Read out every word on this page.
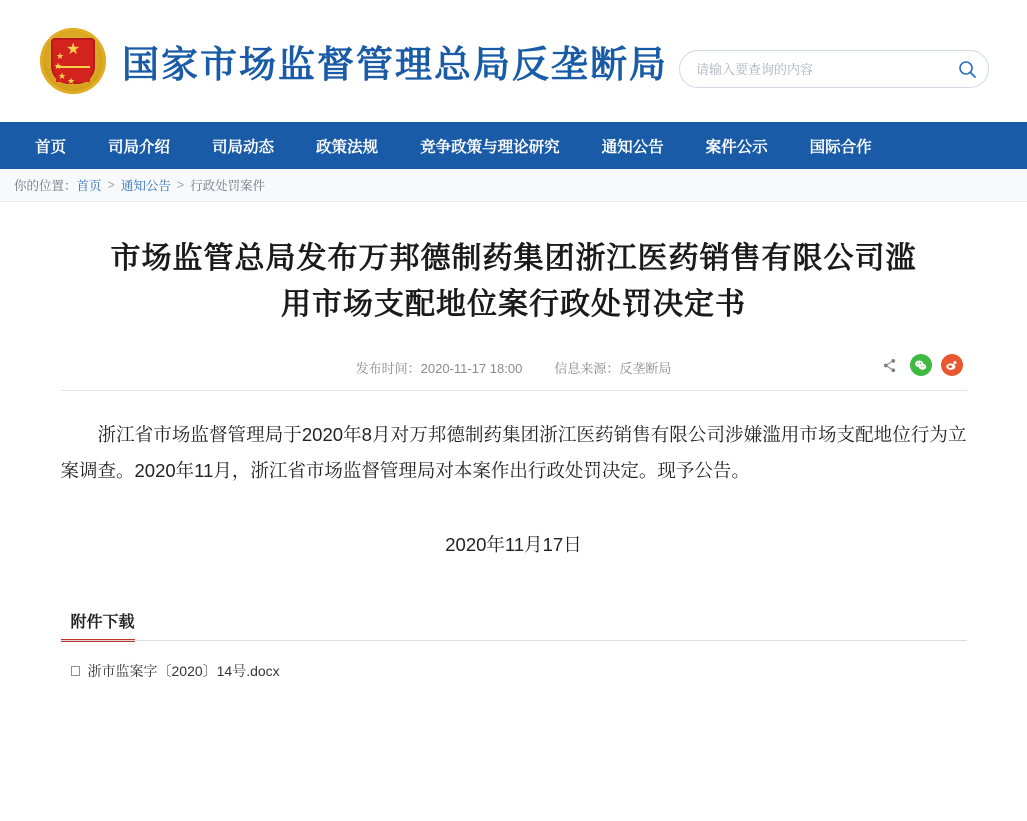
★
★
★
★ ★ 国家市场监督管理总局反垄断局
请输入要查询的内容
首页	司局介绍	司局动态	政策法规	竞争政策与理论研究	通知公告	案件公示	国际合作
你的位置： 首页 > 通知公告 > 行政处罚案件
市场监管总局发布万邦德制药集团浙江医药销售有限公司滥用市场支配地位案行政处罚决定书
发布时间：2020-11-17 18:00 信息来源：反垄断局

浙江省市场监督管理局于2020年8月对万邦德制药集团浙江医药销售有限公司涉嫌滥用市场支配地位行为立案调查。2020年11月，浙江省市场监督管理局对本案作出行政处罚决定。现予公告。

2020年11月17日
附件下载
浙市监案字〔2020〕14号.docx
